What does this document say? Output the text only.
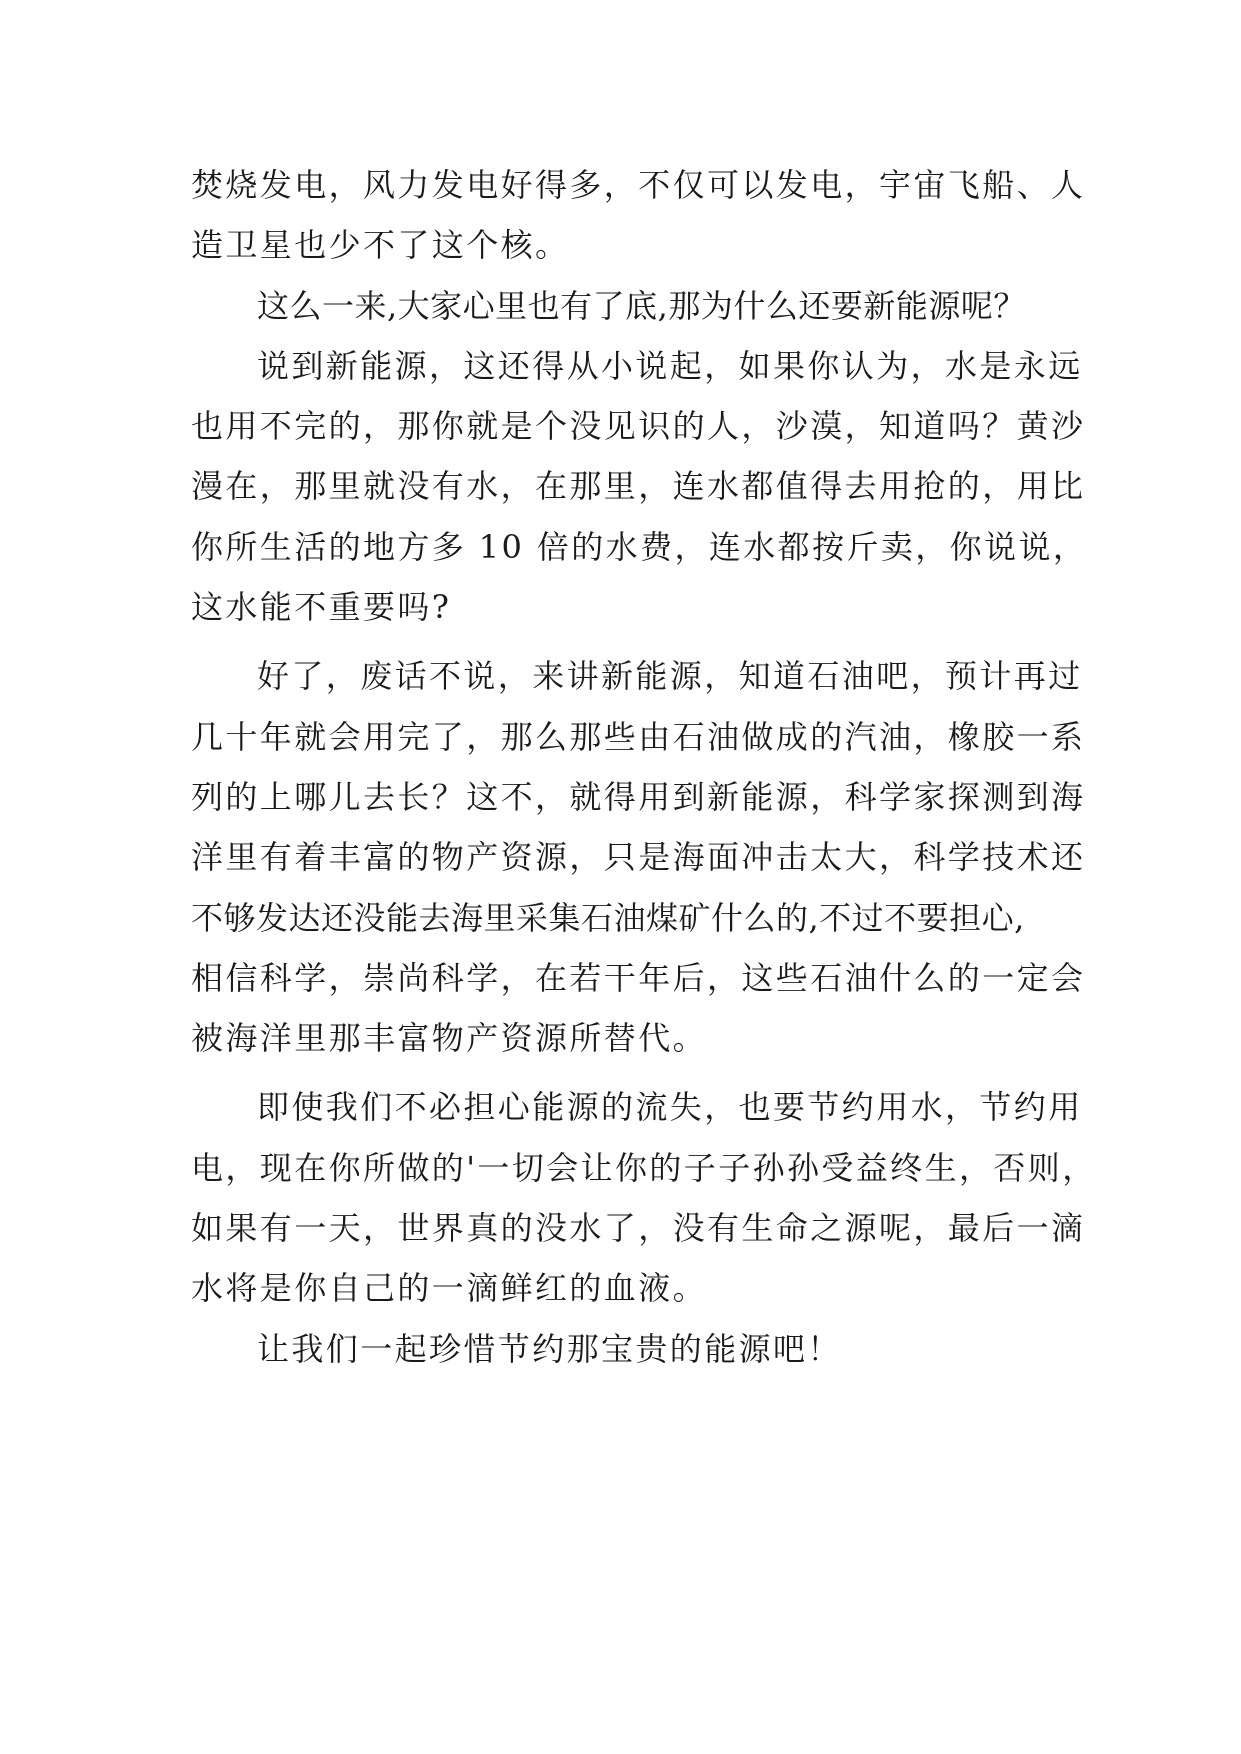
焚烧发电，风力发电好得多，不仅可以发电，宇宙飞船、人
造卫星也少不了这个核。
这么一来,大家心里也有了底,那为什么还要新能源呢？
说到新能源，这还得从小说起，如果你认为，水是永远
也用不完的，那你就是个没见识的人，沙漠，知道吗？黄沙
漫在，那里就没有水，在那里，连水都值得去用抢的，用比
你所生活的地方多 10 倍的水费，连水都按斤卖，你说说，
这水能不重要吗?
好了，废话不说，来讲新能源，知道石油吧，预计再过
几十年就会用完了，那么那些由石油做成的汽油，橡胶一系
列的上哪儿去长？这不，就得用到新能源，科学家探测到海
洋里有着丰富的物产资源，只是海面冲击太大，科学技术还
不够发达还没能去海里采集石油煤矿什么的,不过不要担心,
相信科学，崇尚科学，在若干年后，这些石油什么的一定会
被海洋里那丰富物产资源所替代。
即使我们不必担心能源的流失，也要节约用水，节约用
电，现在你所做的'一切会让你的子子孙孙受益终生，否则，
如果有一天，世界真的没水了，没有生命之源呢，最后一滴
水将是你自己的一滴鲜红的血液。
让我们一起珍惜节约那宝贵的能源吧！
